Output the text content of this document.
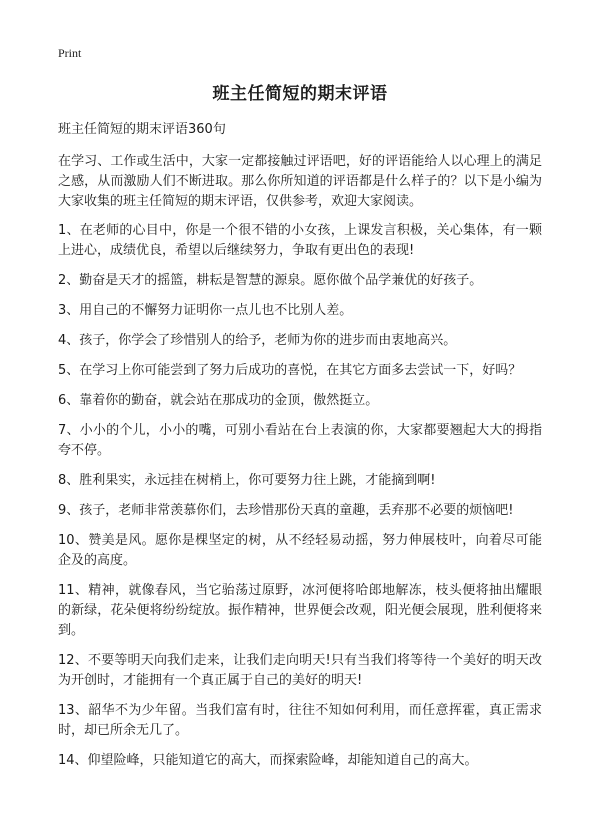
Print
班主任简短的期末评语
班主任简短的期末评语360句

在学习、工作或生活中，大家一定都接触过评语吧，好的评语能给人以心理上的满足之感，从而激励人们不断进取。那么你所知道的评语都是什么样子的？以下是小编为大家收集的班主任简短的期末评语，仅供参考，欢迎大家阅读。

1、在老师的心目中，你是一个很不错的小女孩，上课发言积极，关心集体，有一颗上进心，成绩优良，希望以后继续努力，争取有更出色的表现!

2、勤奋是天才的摇篮，耕耘是智慧的源泉。愿你做个品学兼优的好孩子。

3、用自己的不懈努力证明你一点儿也不比别人差。

4、孩子，你学会了珍惜别人的给予，老师为你的进步而由衷地高兴。

5、在学习上你可能尝到了努力后成功的喜悦，在其它方面多去尝试一下，好吗？

6、靠着你的勤奋，就会站在那成功的金顶，傲然挺立。

7、小小的个儿，小小的嘴，可别小看站在台上表演的你，大家都要翘起大大的拇指夸不停。

8、胜利果实，永远挂在树梢上，你可要努力往上跳，才能摘到啊!

9、孩子，老师非常羡慕你们，去珍惜那份天真的童趣，丢弃那不必要的烦恼吧!

10、赞美是风。愿你是棵坚定的树，从不经轻易动摇，努力伸展枝叶，向着尽可能企及的高度。

11、精神，就像春风，当它骀荡过原野，冰河便将哈郎地解冻，枝头便将抽出耀眼的新绿，花朵便将纷纷绽放。振作精神，世界便会改观，阳光便会展现，胜利便将来到。

12、不要等明天向我们走来，让我们走向明天!只有当我们将等待一个美好的明天改为开创时，才能拥有一个真正属于自己的美好的明天!

13、韶华不为少年留。当我们富有时，往往不知如何利用，而任意挥霍，真正需求时，却已所余无几了。

14、仰望险峰，只能知道它的高大，而探索险峰，却能知道自己的高大。
